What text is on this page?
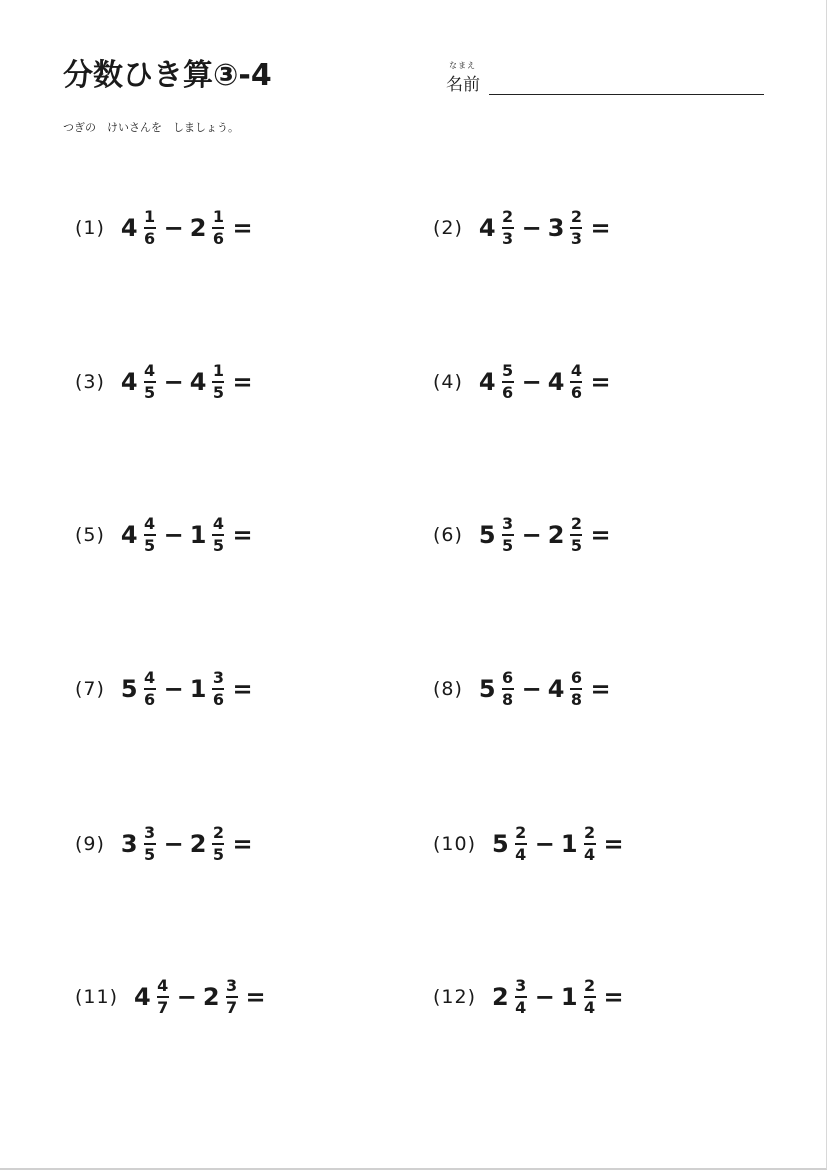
分数ひき算③-4	なまえ
名前
つぎの　けいさんを　しましょう。
(1) $4 \frac{1}{6} - 2 \frac{1}{6}$ =	(2) $4 \frac{2}{3} - 3 \frac{2}{3}$ =
(3) $4 \frac{4}{5} - 4 \frac{1}{5}$ =	(4) $4 \frac{5}{6} - 4 \frac{4}{6}$ =
(5) $4 \frac{4}{5} - 1 \frac{4}{5}$ =	(6) $5 \frac{3}{5} - 2 \frac{2}{5}$ =
(7) $5 \frac{4}{6} - 1 \frac{3}{6}$ =	(8) $5 \frac{6}{8} - 4 \frac{6}{8}$ =
(9) $3 \frac{3}{5} - 2 \frac{2}{5}$ =	(10) $5 \frac{2}{4} - 1 \frac{2}{4}$ =
(11) $4 \frac{4}{7} - 2 \frac{3}{7}$ =	(12) $2 \frac{3}{4} - 1 \frac{2}{4}$ =
